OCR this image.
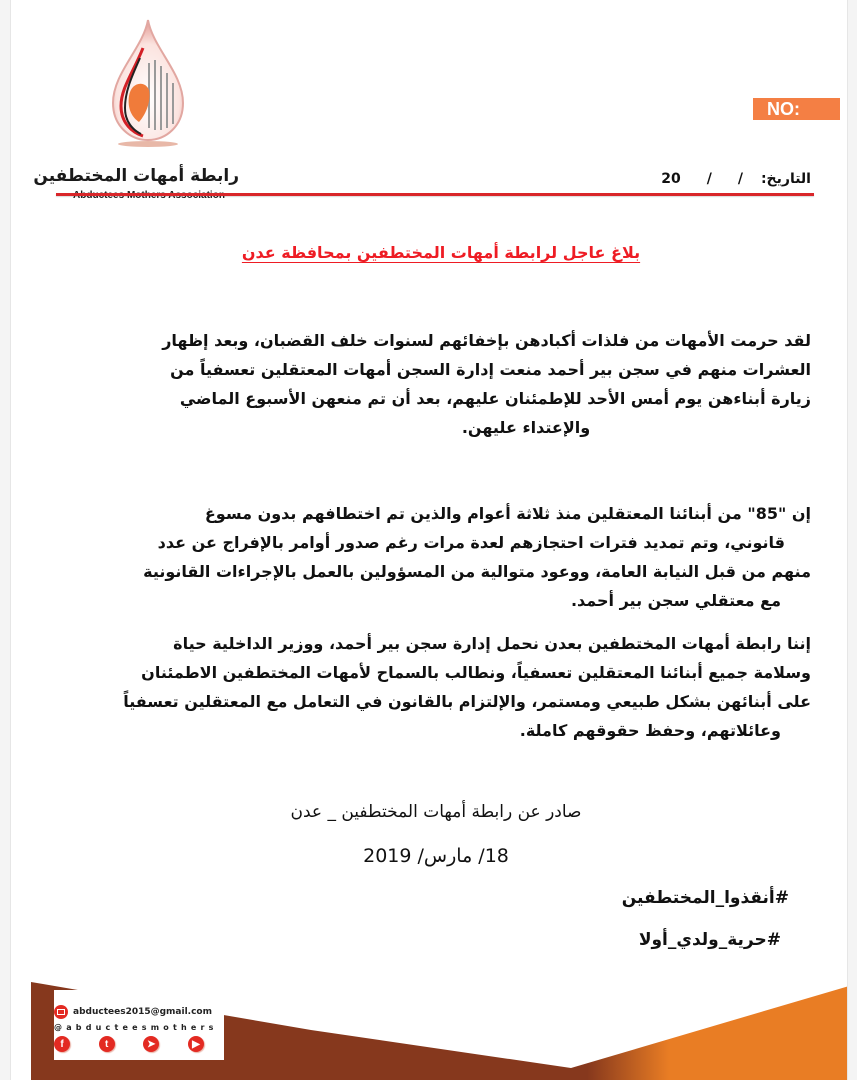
رابطة أمهات المختطفين
NO:
التاريخ:
/
/
20
بلاغ عاجل لرابطة أمهات المختطفين بمحافظة عدن
لقد حرمت الأمهات من فلذات أكبادهن بإخفائهم لسنوات خلف القضبان، وبعد إظهار
العشرات منهم في سجن بير أحمد منعت إدارة السجن أمهات المعتقلين تعسفياً من
زيارة أبناءهن يوم أمس الأحد للإطمئنان عليهم، بعد أن تم منعهن الأسبوع الماضي
والإعتداء عليهن.
إن "85" من أبنائنا المعتقلين منذ ثلاثة أعوام والذين تم اختطافهم بدون مسوغ
قانوني، وتم تمديد فترات احتجازهم لعدة مرات رغم صدور أوامر بالإفراج عن عدد
منهم من قبل النيابة العامة، ووعود متوالية من المسؤولين بالعمل بالإجراءات القانونية
مع معتقلي سجن بير أحمد.
إننا رابطة أمهات المختطفين بعدن نحمل إدارة سجن بير أحمد، ووزير الداخلية حياة
وسلامة جميع أبنائنا المعتقلين تعسفياً، ونطالب بالسماح لأمهات المختطفين الاطمئنان
على أبنائهن بشكل طبيعي ومستمر، والإلتزام بالقانون في التعامل مع المعتقلين تعسفياً
وعائلاتهم، وحفظ حقوقهم كاملة.
صادر عن رابطة أمهات المختطفين _ عدن
18/ مارس/ 2019
#أنقذوا_المختطفين
#حرية_ولدي_أولا
abductees2015@gmail.com
@abducteesmothers
f	t	➤	▶
